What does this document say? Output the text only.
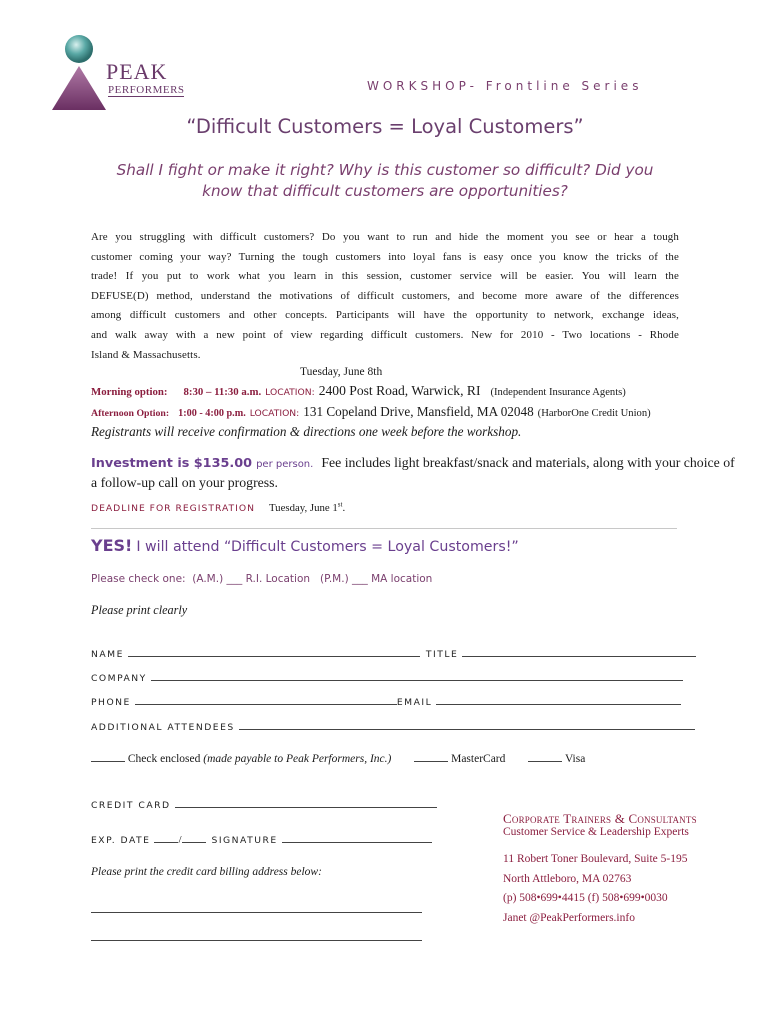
PEAK
PERFORMERS	WORKSHOP- Frontline Series
“Difficult Customers = Loyal Customers”
Shall I fight or make it right? Why is this customer so difficult? Did you
know that difficult customers are opportunities?
Are you struggling with difficult customers? Do you want to run and hide the moment you see or hear a tough
customer coming your way? Turning the tough customers into loyal fans is easy once you know the tricks of the
trade! If you put to work what you learn in this session, customer service will be easier. You will learn the
DEFUSE(D) method, understand the motivations of difficult customers, and become more aware of the differences
among difficult customers and other concepts. Participants will have the opportunity to network, exchange ideas,
and walk away with a new point of view regarding difficult customers. New for 2010 - Two locations - Rhode
Island & Massachusetts.
Tuesday, June 8th
Morning option: 8:30 – 11:30 a.m. LOCATION: 2400 Post Road, Warwick, RI (Independent Insurance Agents)
Afternoon Option: 1:00 - 4:00 p.m. LOCATION: 131 Copeland Drive, Mansfield, MA 02048 (HarborOne Credit Union)
Registrants will receive confirmation & directions one week before the workshop.
Investment is $135.00 per person. Fee includes light breakfast/snack and materials, along with your choice of
a follow-up call on your progress.
DEADLINE FOR REGISTRATION Tuesday, June 1st.
YES! I will attend “Difficult Customers = Loyal Customers!”
Please check one:  (A.M.) ___ R.I. Location   (P.M.) ___ MA location
Please print clearly
NAME	TITLE
COMPANY
PHONE	EMAIL
ADDITIONAL ATTENDEES
Check enclosed (made payable to Peak Performers, Inc.)	MasterCard	Visa
CREDIT CARD
EXP. DATE	/	SIGNATURE
Please print the credit card billing address below:
Corporate Trainers & Consultants
Customer Service & Leadership Experts
11 Robert Toner Boulevard, Suite 5-195
North Attleboro, MA 02763
(p) 508•699•4415 (f) 508•699•0030
Janet @PeakPerformers.info
